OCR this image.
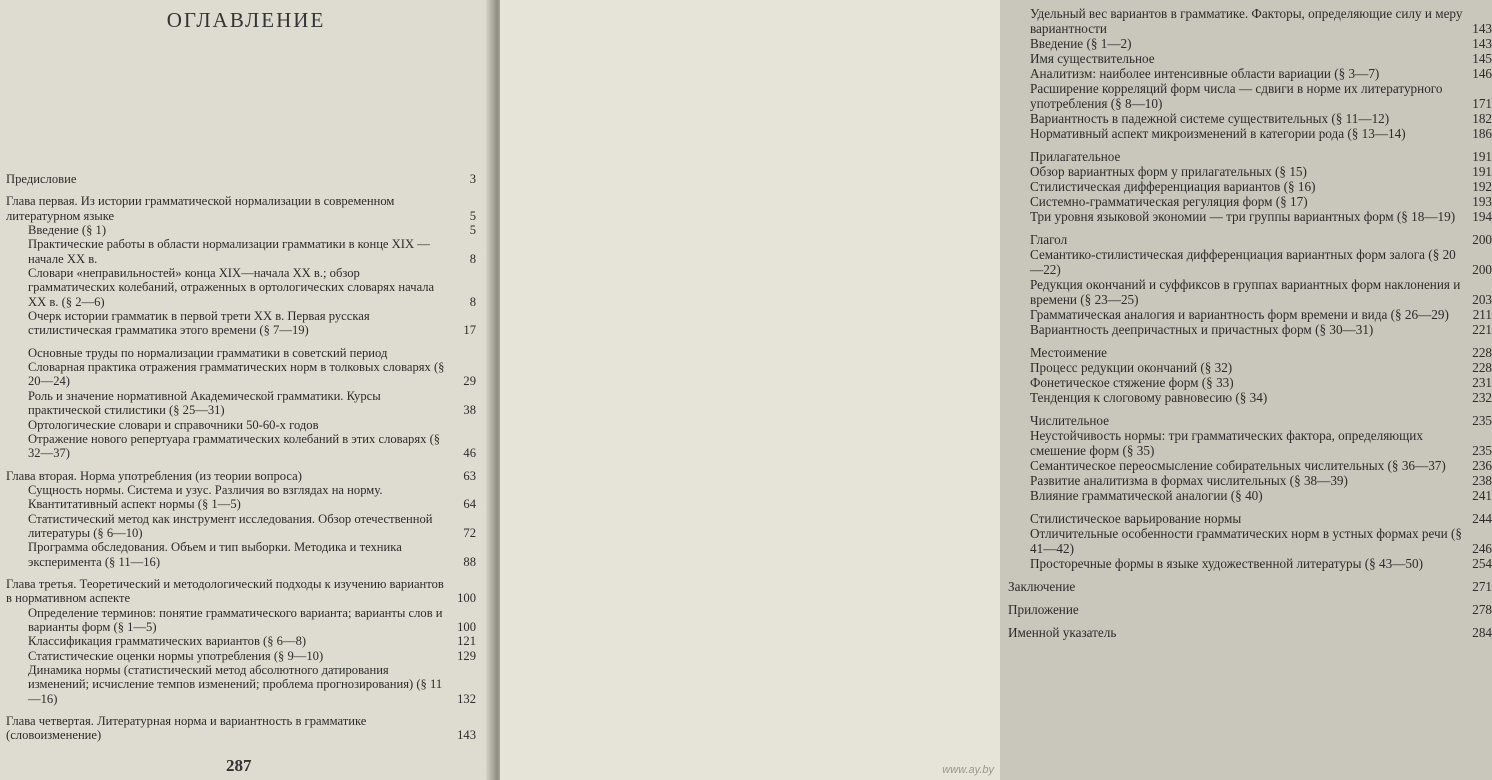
ОГЛАВЛЕНИЕ
Предисловие	3
Глава первая. Из истории грамматической нормализации в современном литературном языке	5
Введение (§ 1)	5
Практические работы в области нормализации грамматики в конце XIX — начале XX в.	8
Словари «неправильностей» конца XIX—начала XX в.; обзор грамматических колебаний, отраженных в ортологических словарях начала XX в. (§ 2—6)	8
Очерк истории грамматик в первой трети XX в. Первая русская стилистическая грамматика этого времени (§ 7—19)	17
Основные труды по нормализации грамматики в советский период
Словарная практика отражения грамматических норм в толковых словарях (§ 20—24)	29
Роль и значение нормативной Академической грамматики. Курсы практической стилистики (§ 25—31)	38
Ортологические словари и справочники 50-60-х годов
Отражение нового репертуара грамматических колебаний в этих словарях (§ 32—37)	46
Глава вторая. Норма употребления (из теории вопроса)	63
Сущность нормы. Система и узус. Различия во взглядах на норму. Квантитативный аспект нормы (§ 1—5)	64
Статистический метод как инструмент исследования. Обзор отечественной литературы (§ 6—10)	72
Программа обследования. Объем и тип выборки. Методика и техника эксперимента (§ 11—16)	88
Глава третья. Теоретический и методологический подходы к изучению вариантов в нормативном аспекте	100
Определение терминов: понятие грамматического варианта; варианты слов и варианты форм (§ 1—5)	100
Классификация грамматических вариантов (§ 6—8)	121
Статистические оценки нормы употребления (§ 9—10)	129
Динамика нормы (статистический метод абсолютного датирования изменений; исчисление темпов изменений; проблема прогнозирования) (§ 11—16)	132
Глава четвертая. Литературная норма и вариантность в грамматике (словоизменение)	143
287
Удельный вес вариантов в грамматике. Факторы, определяющие силу и меру вариантности	143
Введение (§ 1—2)	143
Имя существительное	145
Аналитизм: наиболее интенсивные области вариации (§ 3—7)	146
Расширение корреляций форм числа — сдвиги в норме их литературного употребления (§ 8—10)	171
Вариантность в падежной системе существительных (§ 11—12)	182
Нормативный аспект микроизменений в категории рода (§ 13—14)	186
Прилагательное	191
Обзор вариантных форм у прилагательных (§ 15)	191
Стилистическая дифференциация вариантов (§ 16)	192
Системно-грамматическая регуляция форм (§ 17)	193
Три уровня языковой экономии — три группы вариантных форм (§ 18—19)	194
Глагол	200
Семантико-стилистическая дифференциация вариантных форм залога (§ 20—22)	200
Редукция окончаний и суффиксов в группах вариантных форм наклонения и времени (§ 23—25)	203
Грамматическая аналогия и вариантность форм времени и вида (§ 26—29)	211
Вариантность деепричастных и причастных форм (§ 30—31)	221
Местоимение	228
Процесс редукции окончаний (§ 32)	228
Фонетическое стяжение форм (§ 33)	231
Тенденция к слоговому равновесию (§ 34)	232
Числительное	235
Неустойчивость нормы: три грамматических фактора, определяющих смешение форм (§ 35)	235
Семантическое переосмысление собирательных числительных (§ 36—37)	236
Развитие аналитизма в формах числительных (§ 38—39)	238
Влияние грамматической аналогии (§ 40)	241
Стилистическое варьирование нормы	244
Отличительные особенности грамматических норм в устных формах речи (§ 41—42)	246
Просторечные формы в языке художественной литературы (§ 43—50)	254
Заключение	271
Приложение	278
Именной указатель	284
www.ay.by
